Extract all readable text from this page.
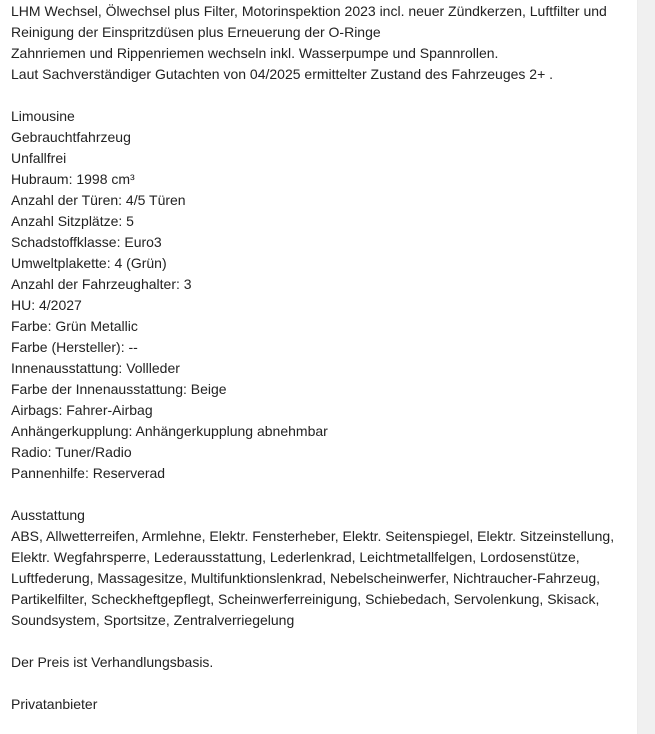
LHM Wechsel, Ölwechsel plus Filter, Motorinspektion 2023 incl. neuer Zündkerzen, Luftfilter und
Reinigung der Einspritzdüsen plus Erneuerung der O-Ringe
Zahnriemen und Rippenriemen wechseln inkl. Wasserpumpe und Spannrollen.
Laut Sachverständiger Gutachten von 04/2025 ermittelter Zustand des Fahrzeuges 2+ .
Limousine
Gebrauchtfahrzeug
Unfallfrei
Hubraum: 1998 cm³
Anzahl der Türen: 4/5 Türen
Anzahl Sitzplätze: 5
Schadstoffklasse: Euro3
Umweltplakette: 4 (Grün)
Anzahl der Fahrzeughalter: 3
HU: 4/2027
Farbe: Grün Metallic
Farbe (Hersteller): --
Innenausstattung: Vollleder
Farbe der Innenausstattung: Beige
Airbags: Fahrer-Airbag
Anhängerkupplung: Anhängerkupplung abnehmbar
Radio: Tuner/Radio
Pannenhilfe: Reserverad
Ausstattung
ABS, Allwetterreifen, Armlehne, Elektr. Fensterheber, Elektr. Seitenspiegel, Elektr. Sitzeinstellung,
Elektr. Wegfahrsperre, Lederausstattung, Lederlenkrad, Leichtmetallfelgen, Lordosenstütze,
Luftfederung, Massagesitze, Multifunktionslenkrad, Nebelscheinwerfer, Nichtraucher-Fahrzeug,
Partikelfilter, Scheckheftgepflegt, Scheinwerferreinigung, Schiebedach, Servolenkung, Skisack,
Soundsystem, Sportsitze, Zentralverriegelung
Der Preis ist Verhandlungsbasis.
Privatanbieter
